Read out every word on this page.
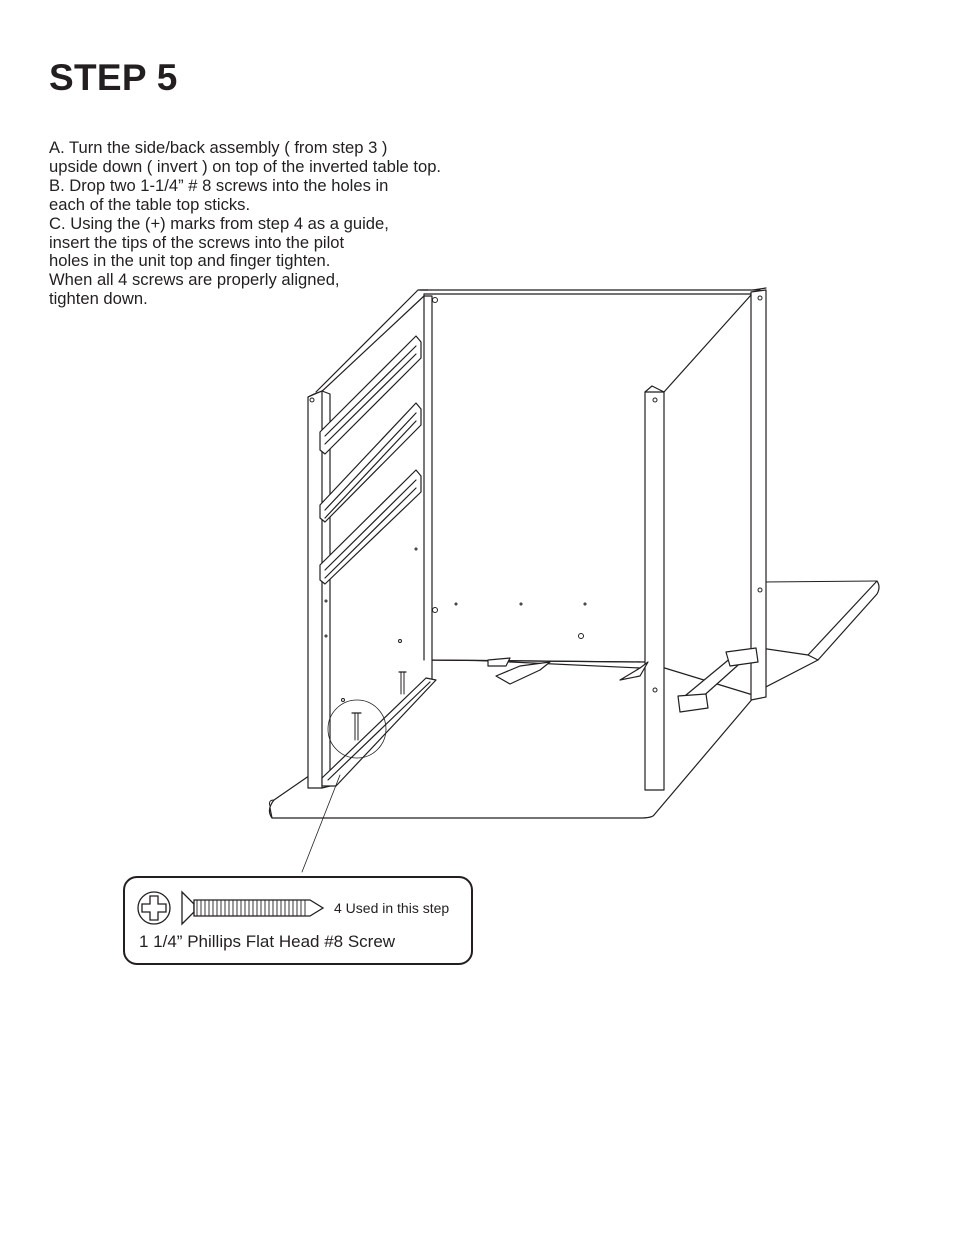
STEP 5
A. Turn the side/back assembly ( from step 3 )
upside down ( invert ) on top of the inverted table top.
B. Drop two 1-1/4” # 8 screws into the holes in
each of the table top sticks.
C. Using the (+) marks from step 4 as a guide,
insert the tips of the screws into the pilot
holes in the unit top and finger tighten.
When all 4 screws are properly aligned,
tighten down.
4 Used in this step
1 1/4” Phillips Flat Head #8 Screw
